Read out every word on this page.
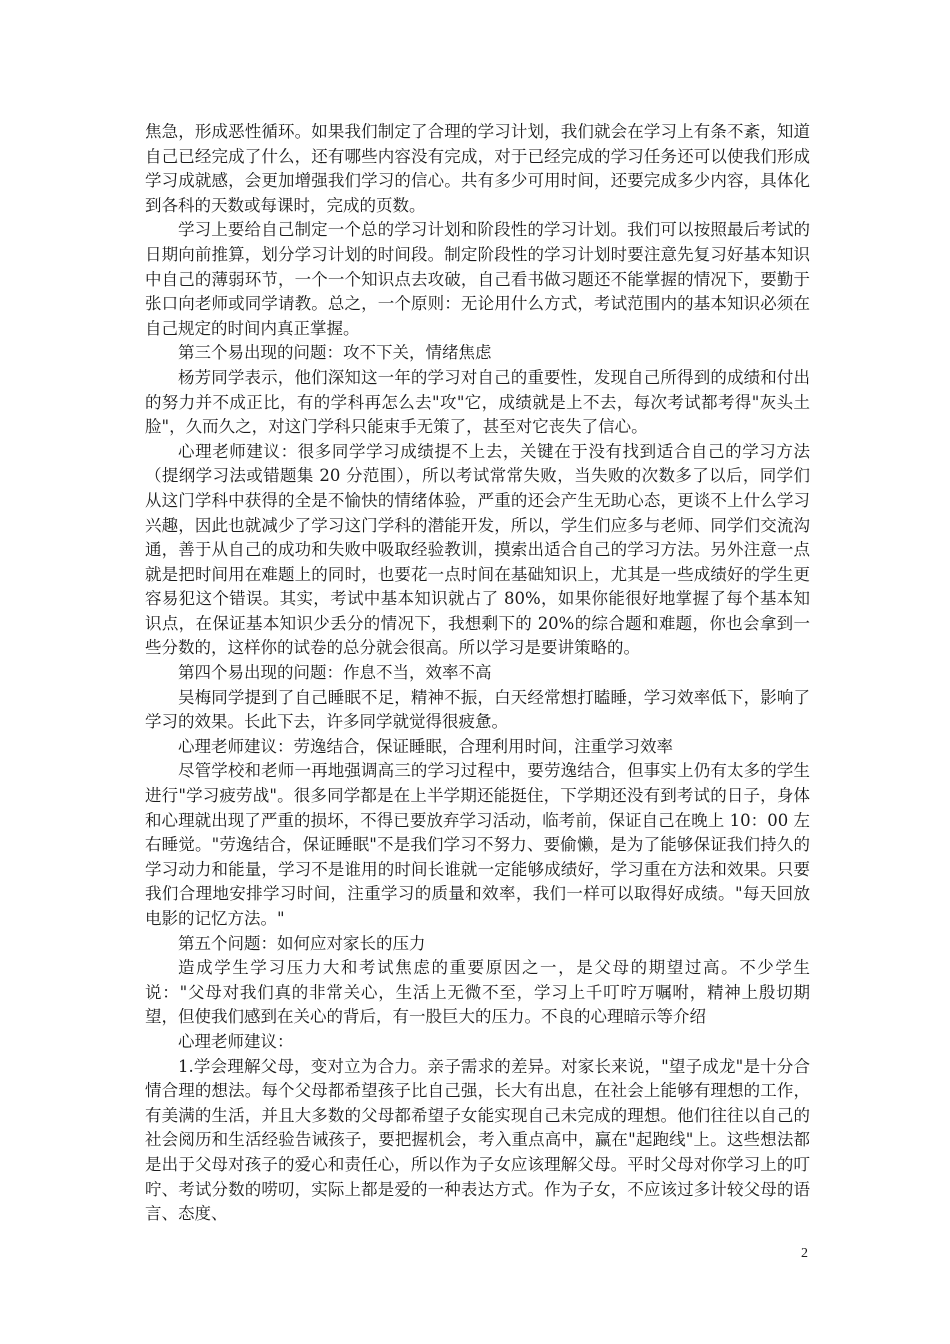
焦急，形成恶性循环。如果我们制定了合理的学习计划，我们就会在学习上有条不紊，知道自己已经完成了什么，还有哪些内容没有完成，对于已经完成的学习任务还可以使我们形成学习成就感，会更加增强我们学习的信心。共有多少可用时间，还要完成多少内容，具体化到各科的天数或每课时，完成的页数。

学习上要给自己制定一个总的学习计划和阶段性的学习计划。我们可以按照最后考试的日期向前推算，划分学习计划的时间段。制定阶段性的学习计划时要注意先复习好基本知识中自己的薄弱环节，一个一个知识点去攻破，自己看书做习题还不能掌握的情况下，要勤于张口向老师或同学请教。总之，一个原则：无论用什么方式，考试范围内的基本知识必须在自己规定的时间内真正掌握。

第三个易出现的问题：攻不下关，情绪焦虑

杨芳同学表示，他们深知这一年的学习对自己的重要性，发现自己所得到的成绩和付出的努力并不成正比，有的学科再怎么去"攻"它，成绩就是上不去，每次考试都考得"灰头土脸"，久而久之，对这门学科只能束手无策了，甚至对它丧失了信心。

心理老师建议：很多同学学习成绩提不上去，关键在于没有找到适合自己的学习方法（提纲学习法或错题集 20 分范围），所以考试常常失败，当失败的次数多了以后，同学们从这门学科中获得的全是不愉快的情绪体验，严重的还会产生无助心态，更谈不上什么学习兴趣，因此也就减少了学习这门学科的潜能开发，所以，学生们应多与老师、同学们交流沟通，善于从自己的成功和失败中吸取经验教训，摸索出适合自己的学习方法。另外注意一点就是把时间用在难题上的同时，也要花一点时间在基础知识上，尤其是一些成绩好的学生更容易犯这个错误。其实，考试中基本知识就占了 80%，如果你能很好地掌握了每个基本知识点，在保证基本知识少丢分的情况下，我想剩下的 20%的综合题和难题，你也会拿到一些分数的，这样你的试卷的总分就会很高。所以学习是要讲策略的。

第四个易出现的问题：作息不当，效率不高

吴梅同学提到了自己睡眠不足，精神不振，白天经常想打瞌睡，学习效率低下，影响了学习的效果。长此下去，许多同学就觉得很疲惫。

心理老师建议：劳逸结合，保证睡眠，合理利用时间，注重学习效率

尽管学校和老师一再地强调高三的学习过程中，要劳逸结合，但事实上仍有太多的学生进行"学习疲劳战"。很多同学都是在上半学期还能挺住，下学期还没有到考试的日子，身体和心理就出现了严重的损坏，不得已要放弃学习活动，临考前，保证自己在晚上 10：00 左右睡觉。"劳逸结合，保证睡眠"不是我们学习不努力、要偷懒，是为了能够保证我们持久的学习动力和能量，学习不是谁用的时间长谁就一定能够成绩好，学习重在方法和效果。只要我们合理地安排学习时间，注重学习的质量和效率，我们一样可以取得好成绩。"每天回放电影的记忆方法。"

第五个问题：如何应对家长的压力

造成学生学习压力大和考试焦虑的重要原因之一，是父母的期望过高。不少学生说："父母对我们真的非常关心，生活上无微不至，学习上千叮咛万嘱咐，精神上殷切期望，但使我们感到在关心的背后，有一股巨大的压力。不良的心理暗示等介绍

心理老师建议：

1.学会理解父母，变对立为合力。亲子需求的差异。对家长来说，"望子成龙"是十分合情合理的想法。每个父母都希望孩子比自己强，长大有出息，在社会上能够有理想的工作，有美满的生活，并且大多数的父母都希望子女能实现自己未完成的理想。他们往往以自己的社会阅历和生活经验告诫孩子，要把握机会，考入重点高中，赢在"起跑线"上。这些想法都是出于父母对孩子的爱心和责任心，所以作为子女应该理解父母。平时父母对你学习上的叮咛、考试分数的唠叨，实际上都是爱的一种表达方式。作为子女，不应该过多计较父母的语言、态度、

2
